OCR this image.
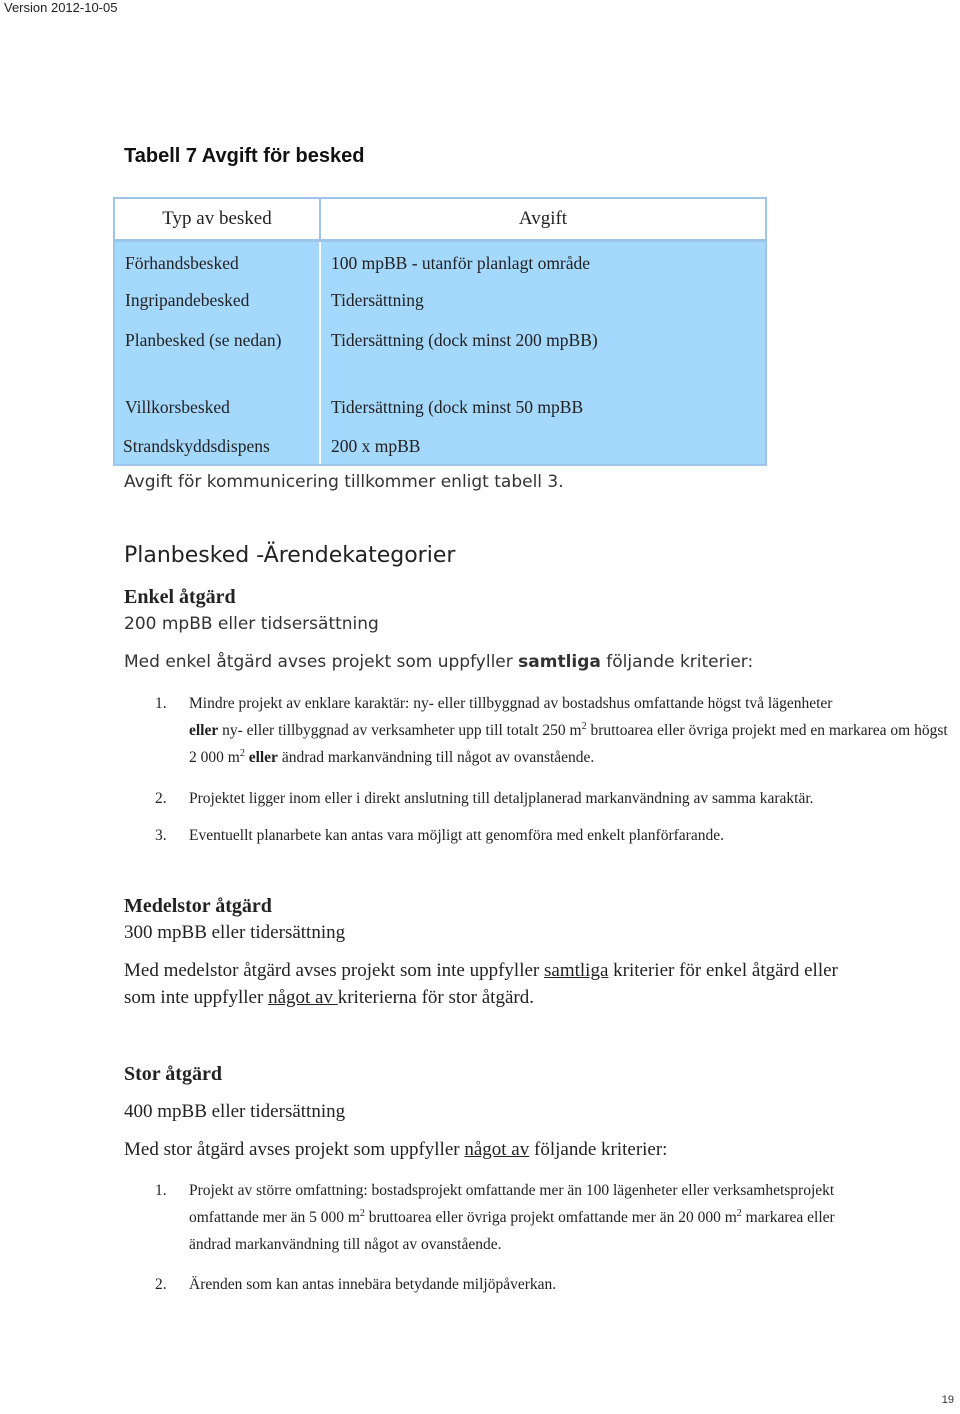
Version 2012-10-05
Tabell 7 Avgift för besked
Typ av besked	Avgift
Förhandsbesked	100 mpBB - utanför planlagt område
Ingripandebesked	Tidersättning
Planbesked (se nedan)	Tidersättning (dock minst 200 mpBB)
Villkorsbesked	Tidersättning (dock minst 50 mpBB
Strandskyddsdispens	200 x mpBB
Avgift för kommunicering tillkommer enligt tabell 3.
Planbesked -Ärendekategorier
Enkel åtgärd
200 mpBB eller tidsersättning
Med enkel åtgärd avses projekt som uppfyller samtliga följande kriterier:
1. Mindre projekt av enklare karaktär: ny- eller tillbyggnad av bostadshus omfattande högst två lägenheter
eller ny- eller tillbyggnad av verksamheter upp till totalt 250 $m^2$ bruttoarea eller övriga projekt med en markarea om högst 2 000 $m^2$ eller ändrad markanvändning till något av ovanstående.
2. Projektet ligger inom eller i direkt anslutning till detaljplanerad markanvändning av samma karaktär.
3. Eventuellt planarbete kan antas vara möjligt att genomföra med enkelt planförfarande.
Medelstor åtgärd
300 mpBB eller tidersättning
Med medelstor åtgärd avses projekt som inte uppfyller samtliga kriterier för enkel åtgärd eller
som inte uppfyller något av kriterierna för stor åtgärd.
Stor åtgärd
400 mpBB eller tidersättning
Med stor åtgärd avses projekt som uppfyller något av följande kriterier:
1. Projekt av större omfattning: bostadsprojekt omfattande mer än 100 lägenheter eller verksamhetsprojekt
omfattande mer än 5 000 $m^2$ bruttoarea eller övriga projekt omfattande mer än 20 000 $m^2$ markarea eller
ändrad markanvändning till något av ovanstående.
2. Ärenden som kan antas innebära betydande miljöpåverkan.
19
